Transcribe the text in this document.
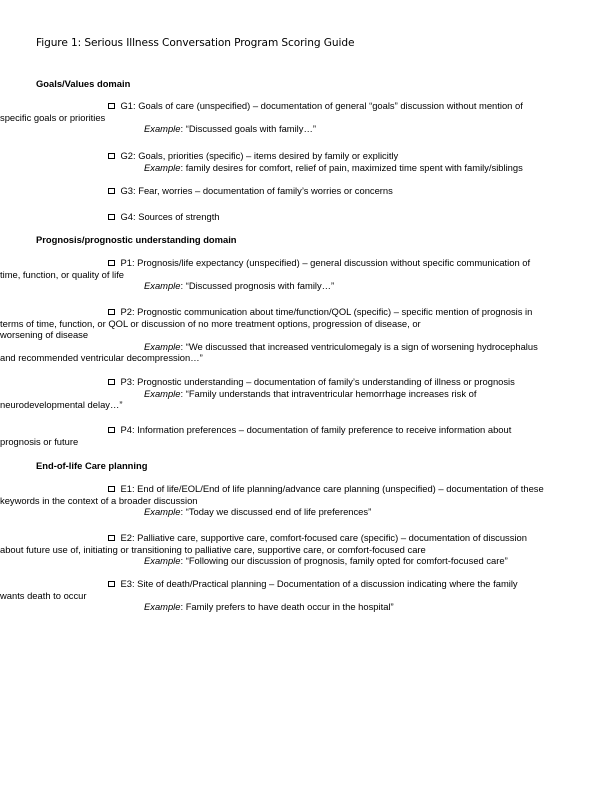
Figure 1: Serious Illness Conversation Program Scoring Guide
Goals/Values domain
G1: Goals of care (unspecified) – documentation of general “goals” discussion without mention of
specific goals or priorities
Example: “Discussed goals with family…”
G2: Goals, priorities (specific) – items desired by family or explicitly
Example: family desires for comfort, relief of pain, maximized time spent with family/siblings
G3: Fear, worries – documentation of family’s worries or concerns
G4: Sources of strength
Prognosis/prognostic understanding domain
P1: Prognosis/life expectancy (unspecified) – general discussion without specific communication of
time, function, or quality of life
Example: “Discussed prognosis with family…”
P2: Prognostic communication about time/function/QOL (specific) – specific mention of prognosis in
terms of time, function, or QOL or discussion of no more treatment options, progression of disease, or
worsening of disease
Example: “We discussed that increased ventriculomegaly is a sign of worsening hydrocephalus
and recommended ventricular decompression…”
P3: Prognostic understanding – documentation of family’s understanding of illness or prognosis
Example: “Family understands that intraventricular hemorrhage increases risk of
neurodevelopmental delay…”
P4: Information preferences – documentation of family preference to receive information about
prognosis or future
End-of-life Care planning
E1: End of life/EOL/End of life planning/advance care planning (unspecified) – documentation of these
keywords in the context of a broader discussion
Example: “Today we discussed end of life preferences”
E2: Palliative care, supportive care, comfort-focused care (specific) – documentation of discussion
about future use of, initiating or transitioning to palliative care, supportive care, or comfort-focused care
Example: “Following our discussion of prognosis, family opted for comfort-focused care”
E3: Site of death/Practical planning – Documentation of a discussion indicating where the family
wants death to occur
Example: Family prefers to have death occur in the hospital”
